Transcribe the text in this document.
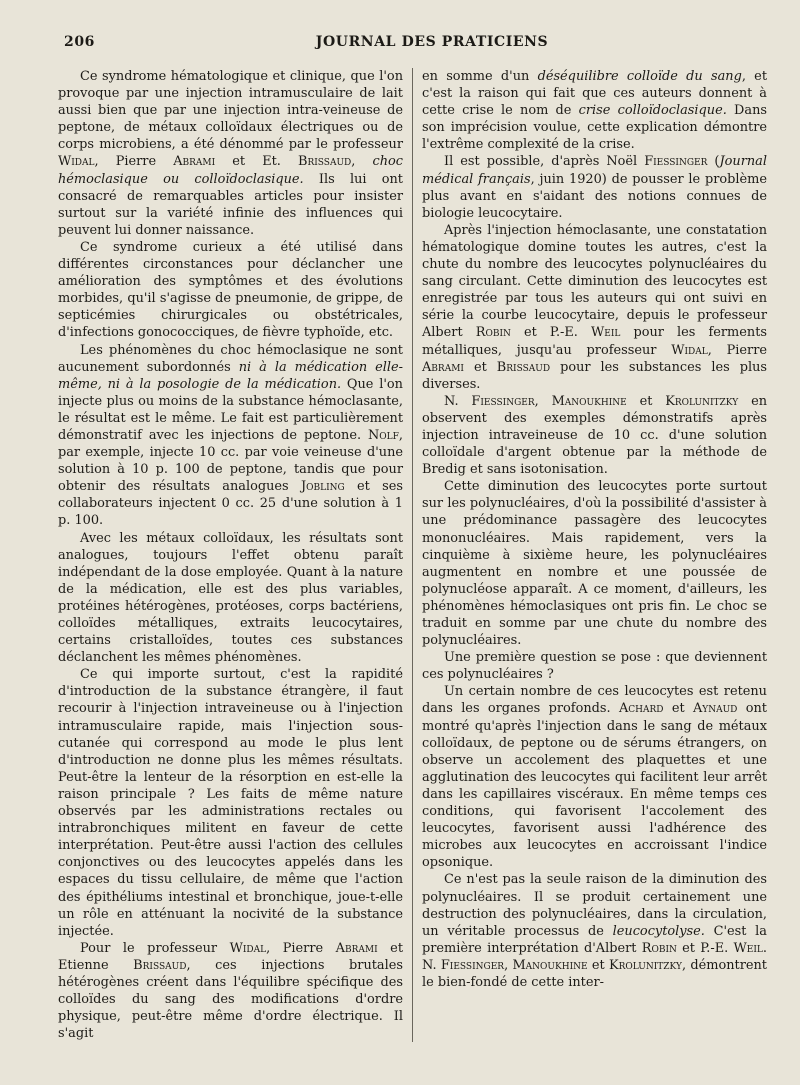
206	JOURNAL DES PRATICIENS

Ce syndrome hématologique et clinique, que l'on provoque par une injection intramusculaire de lait aussi bien que par une injection intra-veineuse de peptone, de métaux colloïdaux électriques ou de corps microbiens, a été dénommé par le professeur Widal, Pierre Abrami et Et. Brissaud, choc hémoclasique ou colloïdoclasique. Ils lui ont consacré de remarquables articles pour insister surtout sur la variété infinie des influences qui peuvent lui donner naissance.

Ce syndrome curieux a été utilisé dans différentes circonstances pour déclancher une amélioration des symptômes et des évolutions morbides, qu'il s'agisse de pneumonie, de grippe, de septicémies chirurgicales ou obstétricales, d'infections gonococciques, de fièvre typhoïde, etc.

Les phénomènes du choc hémoclasique ne sont aucunement subordonnés ni à la médication elle-même, ni à la posologie de la médication. Que l'on injecte plus ou moins de la substance hémoclasante, le résultat est le même. Le fait est particulièrement démonstratif avec les injections de peptone. Nolf, par exemple, injecte 10 cc. par voie veineuse d'une solution à 10 p. 100 de peptone, tandis que pour obtenir des résultats analogues Jobling et ses collaborateurs injectent 0 cc. 25 d'une solution à 1 p. 100.

Avec les métaux colloïdaux, les résultats sont analogues, toujours l'effet obtenu paraît indépendant de la dose employée. Quant à la nature de la médication, elle est des plus variables, protéines hétérogènes, protéoses, corps bactériens, colloïdes métalliques, extraits leucocytaires, certains cristalloïdes, toutes ces substances déclanchent les mêmes phénomènes.

Ce qui importe surtout, c'est la rapidité d'introduction de la substance étrangère, il faut recourir à l'injection intraveineuse ou à l'injection intramusculaire rapide, mais l'injection sous-cutanée qui correspond au mode le plus lent d'introduction ne donne plus les mêmes résultats. Peut-être la lenteur de la résorption en est-elle la raison principale ? Les faits de même nature observés par les administrations rectales ou intrabronchiques militent en faveur de cette interprétation. Peut-être aussi l'action des cellules conjonctives ou des leucocytes appelés dans les espaces du tissu cellulaire, de même que l'action des épithéliums intestinal et bronchique, joue-t-elle un rôle en atténuant la nocivité de la substance injectée.

Pour le professeur Widal, Pierre Abrami et Etienne Brissaud, ces injections brutales hétérogènes créent dans l'équilibre spécifique des colloïdes du sang des modifications d'ordre physique, peut-être même d'ordre électrique. Il s'agit

en somme d'un déséquilibre colloïde du sang, et c'est la raison qui fait que ces auteurs donnent à cette crise le nom de crise colloïdoclasique. Dans son imprécision voulue, cette explication démontre l'extrême complexité de la crise.

Il est possible, d'après Noël Fiessinger (Journal médical français, juin 1920) de pousser le problème plus avant en s'aidant des notions connues de biologie leucocytaire.

Après l'injection hémoclasante, une constatation hématologique domine toutes les autres, c'est la chute du nombre des leucocytes polynucléaires du sang circulant. Cette diminution des leucocytes est enregistrée par tous les auteurs qui ont suivi en série la courbe leucocytaire, depuis le professeur Albert Robin et P.-E. Weil pour les ferments métalliques, jusqu'au professeur Widal, Pierre Abrami et Brissaud pour les substances les plus diverses.

N. Fiessinger, Manoukhine et Krolunitzky en observent des exemples démonstratifs après injection intraveineuse de 10 cc. d'une solution colloïdale d'argent obtenue par la méthode de Bredig et sans isotonisation.

Cette diminution des leucocytes porte surtout sur les polynucléaires, d'où la possibilité d'assister à une prédominance passagère des leucocytes mononucléaires. Mais rapidement, vers la cinquième à sixième heure, les polynucléaires augmentent en nombre et une poussée de polynucléose apparaît. A ce moment, d'ailleurs, les phénomènes hémoclasiques ont pris fin. Le choc se traduit en somme par une chute du nombre des polynucléaires.

Une première question se pose : que deviennent ces polynucléaires ?

Un certain nombre de ces leucocytes est retenu dans les organes profonds. Achard et Aynaud ont montré qu'après l'injection dans le sang de métaux colloïdaux, de peptone ou de sérums étrangers, on observe un accolement des plaquettes et une agglutination des leucocytes qui facilitent leur arrêt dans les capillaires viscéraux. En même temps ces conditions, qui favorisent l'accolement des leucocytes, favorisent aussi l'adhérence des microbes aux leucocytes en accroissant l'indice opsonique.

Ce n'est pas la seule raison de la diminution des polynucléaires. Il se produit certainement une destruction des polynucléaires, dans la circulation, un véritable processus de leucocytolyse. C'est la première interprétation d'Albert Robin et P.-E. Weil. N. Fiessinger, Manoukhine et Krolunitzky, démontrent le bien-fondé de cette inter-
